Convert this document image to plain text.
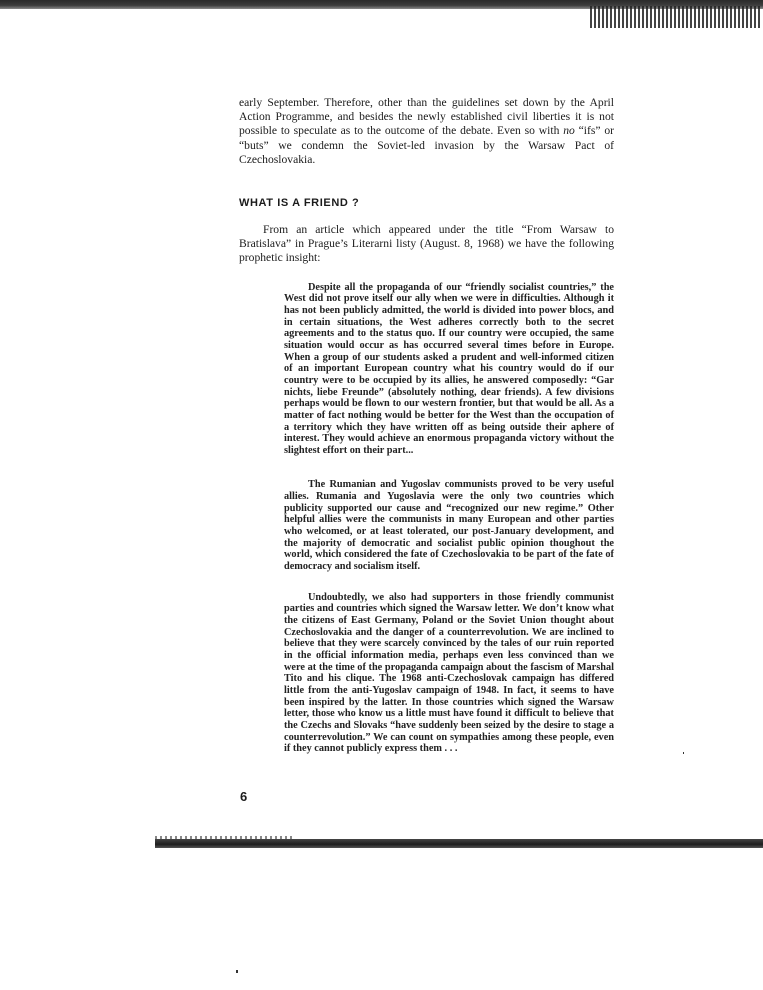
early September. Therefore, other than the guidelines set down by the April Action Programme, and besides the newly established civil liberties it is not possible to speculate as to the outcome of the debate. Even so with no “ifs” or “buts” we condemn the Soviet-led invasion by the Warsaw Pact of Czechoslovakia.

WHAT IS A FRIEND ?

From an article which appeared under the title “From Warsaw to Bratislava” in Prague’s Literarni listy (August. 8, 1968) we have the following prophetic insight:

Despite all the propaganda of our “friendly socialist countries,” the West did not prove itself our ally when we were in difficulties. Although it has not been publicly admitted, the world is divided into power blocs, and in certain situations, the West adheres correctly both to the secret agreements and to the status quo. If our country were occupied, the same situation would occur as has occurred several times before in Europe. When a group of our students asked a prudent and well-informed citizen of an important European country what his country would do if our country were to be occupied by its allies, he answered composedly: “Gar nichts, liebe Freunde” (absolutely nothing, dear friends). A few divisions perhaps would be flown to our western frontier, but that would be all. As a matter of fact nothing would be better for the West than the occupation of a territory which they have written off as being outside their aphere of interest. They would achieve an enormous propaganda victory without the slightest effort on their part...

The Rumanian and Yugoslav communists proved to be very useful allies. Rumania and Yugoslavia were the only two countries which publicity supported our cause and “recognized our new regime.” Other helpful allies were the communists in many European and other parties who welcomed, or at least tolerated, our post-January development, and the majority of democratic and socialist public opinion thoughout the world, which considered the fate of Czechoslovakia to be part of the fate of democracy and socialism itself.

Undoubtedly, we also had supporters in those friendly communist parties and countries which signed the Warsaw letter. We don’t know what the citizens of East Germany, Poland or the Soviet Union thought about Czechoslovakia and the danger of a counterrevolution. We are inclined to believe that they were scarcely convinced by the tales of our ruin reported in the official information media, perhaps even less convinced than we were at the time of the propaganda campaign about the fascism of Marshal Tito and his clique. The 1968 anti-Czechoslovak campaign has differed little from the anti-Yugoslav campaign of 1948. In fact, it seems to have been inspired by the latter. In those countries which signed the Warsaw letter, those who know us a little must have found it difficult to believe that the Czechs and Slovaks “have suddenly been seized by the desire to stage a counterrevolution.” We can count on sympathies among these people, even if they cannot publicly express them . . .

6
